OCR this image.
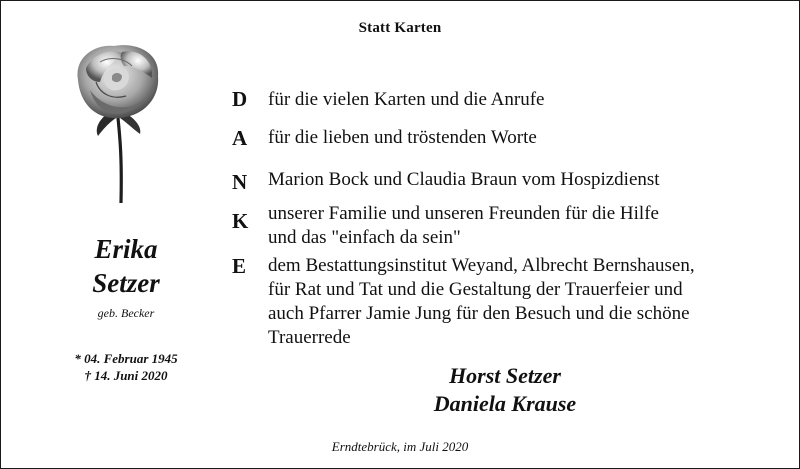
Statt Karten
Erika
Setzer
geb. Becker
* 04. Februar 1945
† 14. Juni 2020
D für die vielen Karten und die Anrufe
A für die lieben und tröstenden Worte
N Marion Bock und Claudia Braun vom Hospizdienst
K unserer Familie und unseren Freunden für die Hilfe
und das "einfach da sein"
E dem Bestattungsinstitut Weyand, Albrecht Bernshausen,
für Rat und Tat und die Gestaltung der Trauerfeier und
auch Pfarrer Jamie Jung für den Besuch und die schöne
Trauerrede
Horst Setzer
Daniela Krause
Erndtebrück, im Juli 2020
